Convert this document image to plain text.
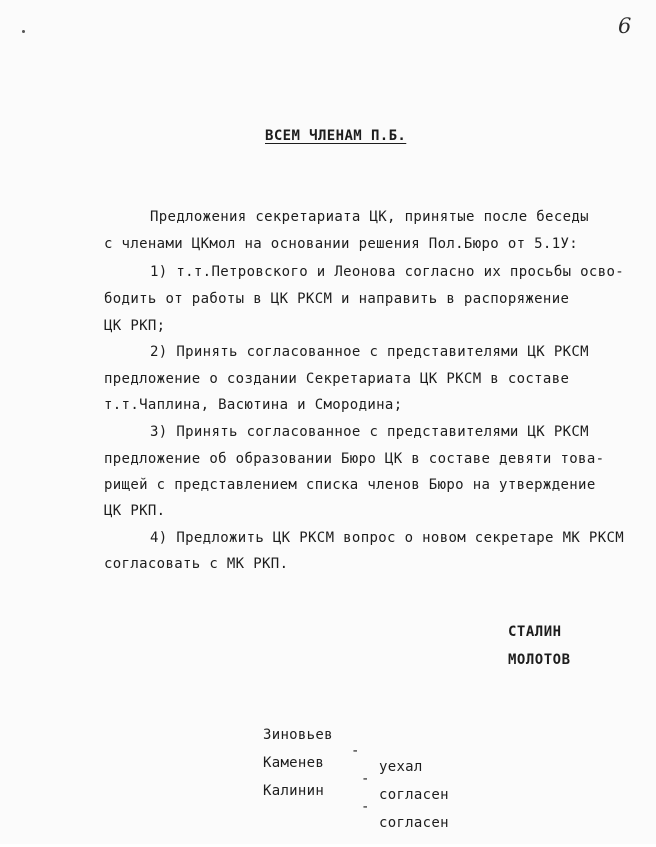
6
ВСЕМ ЧЛЕНАМ П.Б.
Предложения секретариата ЦК, принятые после беседы
с членами ЦКмол на основании решения Пол.Бюро от 5.1У:
1) т.т.Петровского и Леонова согласно их просьбы осво-
бодить от работы в ЦК РКСМ и направить в распоряжение
ЦК РКП;
2) Принять согласованное с представителями ЦК РКСМ
предложение о создании Секретариата ЦК РКСМ в составе
т.т.Чаплина, Васютина и Смородина;
3) Принять согласованное с представителями ЦК РКСМ
предложение об образовании Бюро ЦК в составе девяти това-
рищей с представлением списка членов Бюро на утверждение
ЦК РКП.
4) Предложить ЦК РКСМ вопрос о новом секретаре МК РКСМ
согласовать с МК РКП.
СТАЛИН
МОЛОТОВ

Зиновьев

-

уехал

Каменев

-

согласен

Калинин

-

согласен
